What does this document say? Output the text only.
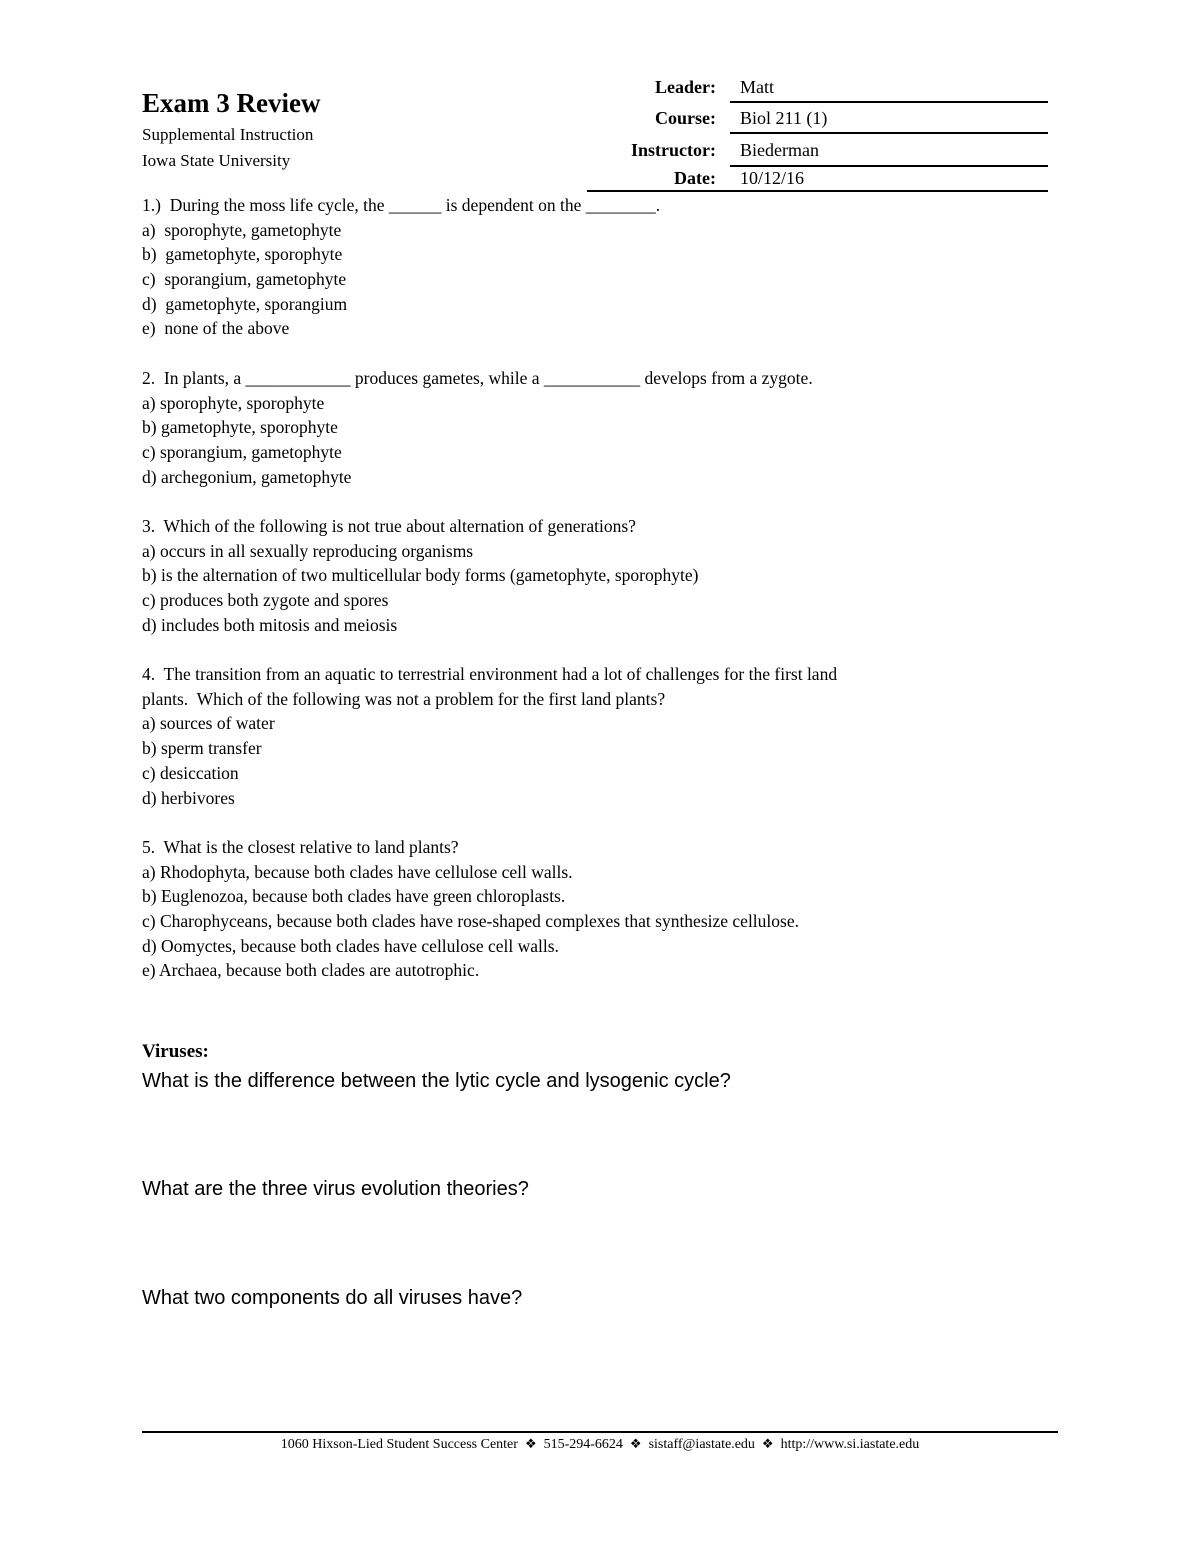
Exam 3 Review
Supplemental Instruction
Iowa State University
Leader: Matt
Course: Biol 211 (1)
Instructor: Biederman
Date: 10/12/16
1.)  During the moss life cycle, the ______ is dependent on the ________.
a)  sporophyte, gametophyte
b)  gametophyte, sporophyte
c)  sporangium, gametophyte
d)  gametophyte, sporangium
e)  none of the above
2.  In plants, a ____________ produces gametes, while a ___________ develops from a zygote.
a) sporophyte, sporophyte
b) gametophyte, sporophyte
c) sporangium, gametophyte
d) archegonium, gametophyte
3.  Which of the following is not true about alternation of generations?
a) occurs in all sexually reproducing organisms
b) is the alternation of two multicellular body forms (gametophyte, sporophyte)
c) produces both zygote and spores
d) includes both mitosis and meiosis
4.  The transition from an aquatic to terrestrial environment had a lot of challenges for the first land
plants.  Which of the following was not a problem for the first land plants?
a) sources of water
b) sperm transfer
c) desiccation
d) herbivores
5.  What is the closest relative to land plants?
a) Rhodophyta, because both clades have cellulose cell walls.
b) Euglenozoa, because both clades have green chloroplasts.
c) Charophyceans, because both clades have rose-shaped complexes that synthesize cellulose.
d) Oomyctes, because both clades have cellulose cell walls.
e) Archaea, because both clades are autotrophic.
Viruses:
What is the difference between the lytic cycle and lysogenic cycle?
What are the three virus evolution theories?
What two components do all viruses have?
1060 Hixson-Lied Student Success Center ❖ 515-294-6624 ❖ sistaff@iastate.edu ❖ http://www.si.iastate.edu
